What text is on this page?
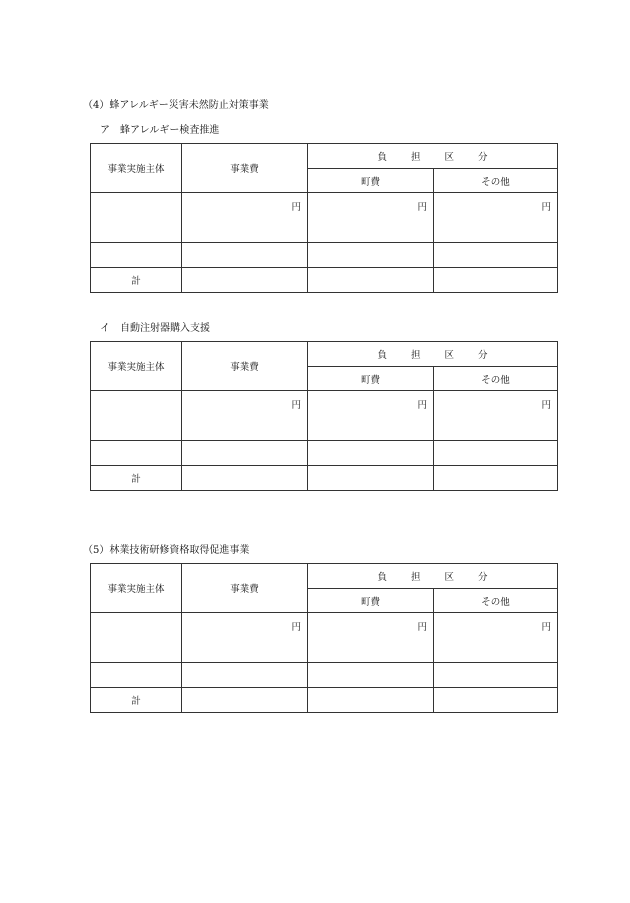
（4）蜂アレルギー災害未然防止対策事業
ア　蜂アレルギー検査推進
事業実施主体	事業費	負 担 区 分	
		町費	その他
	円	円	円

計			
イ　自動注射器購入支援
事業実施主体	事業費	負 担 区 分	
		町費	その他
	円	円	円

計			
（5）林業技術研修資格取得促進事業
事業実施主体	事業費	負 担 区 分	
		町費	その他
	円	円	円

計			
